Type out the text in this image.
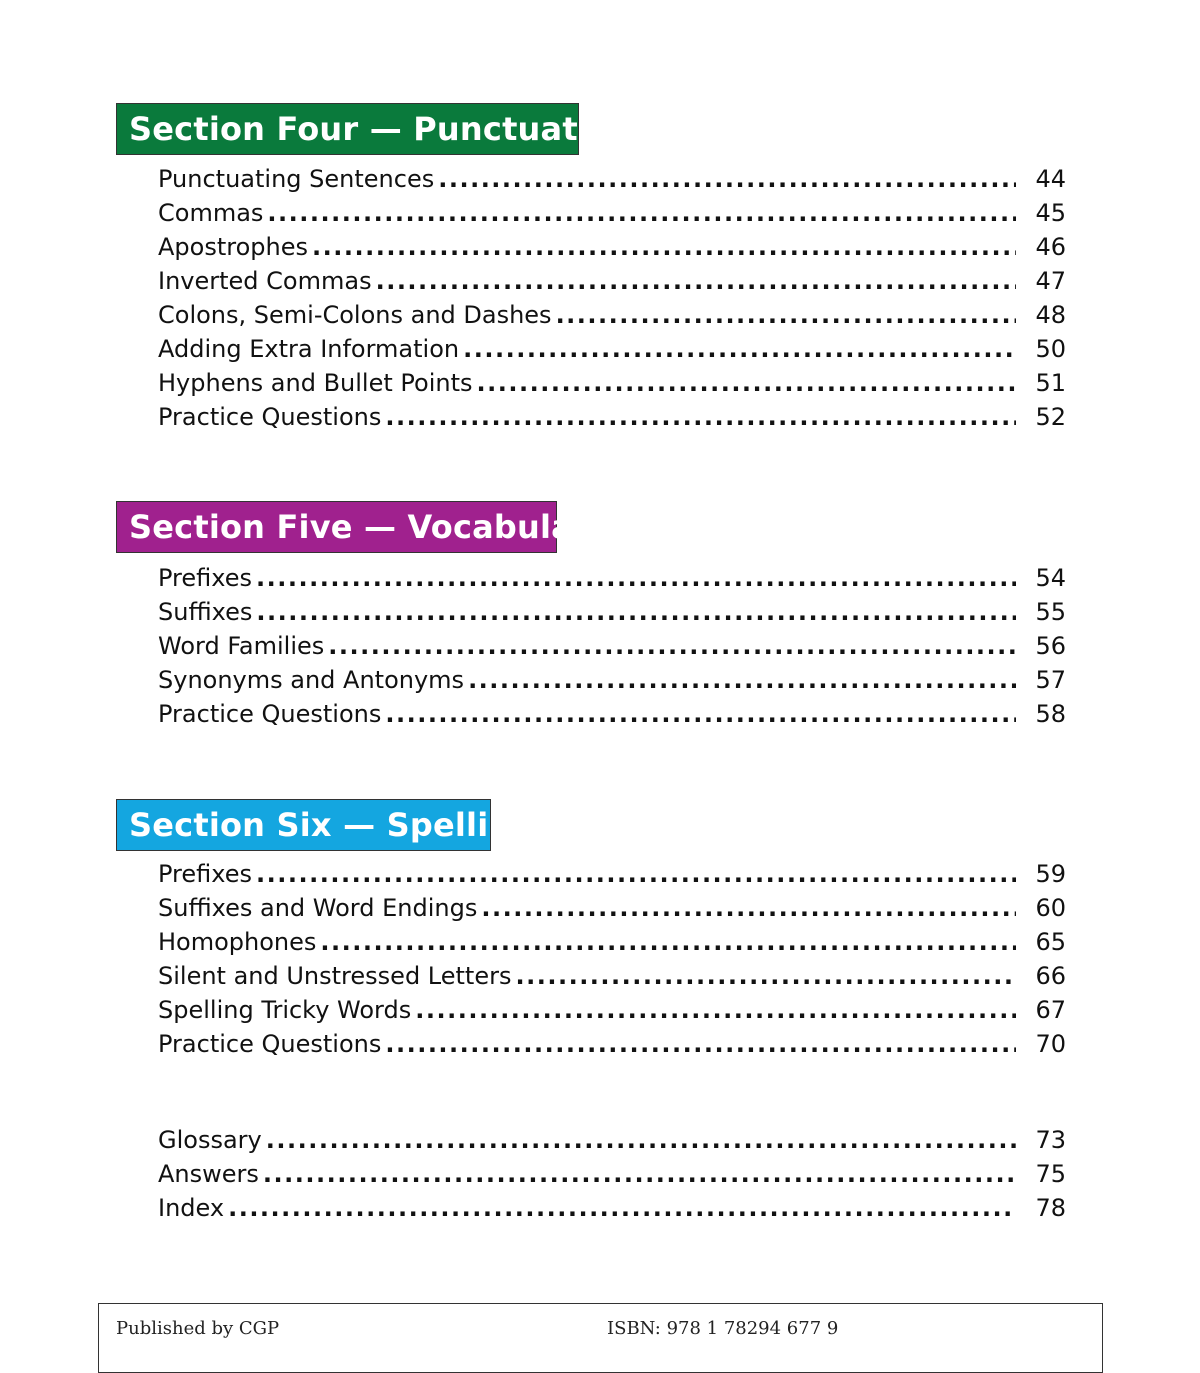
Section Four — Punctuation
Punctuating Sentences .....	44
Commas .....	45
Apostrophes .....	46
Inverted Commas .....	47
Colons, Semi-Colons and Dashes .....	48
Adding Extra Information .....	50
Hyphens and Bullet Points .....	51
Practice Questions .....	52
Section Five — Vocabulary
Prefixes .....	54
Suffixes .....	55
Word Families .....	56
Synonyms and Antonyms .....	57
Practice Questions .....	58
Section Six — Spelling
Prefixes .....	59
Suffixes and Word Endings .....	60
Homophones .....	65
Silent and Unstressed Letters .....	66
Spelling Tricky Words .....	67
Practice Questions .....	70
Glossary .....	73
Answers .....	75
Index .....	78
Published by CGP	ISBN: 978 1 78294 677 9
